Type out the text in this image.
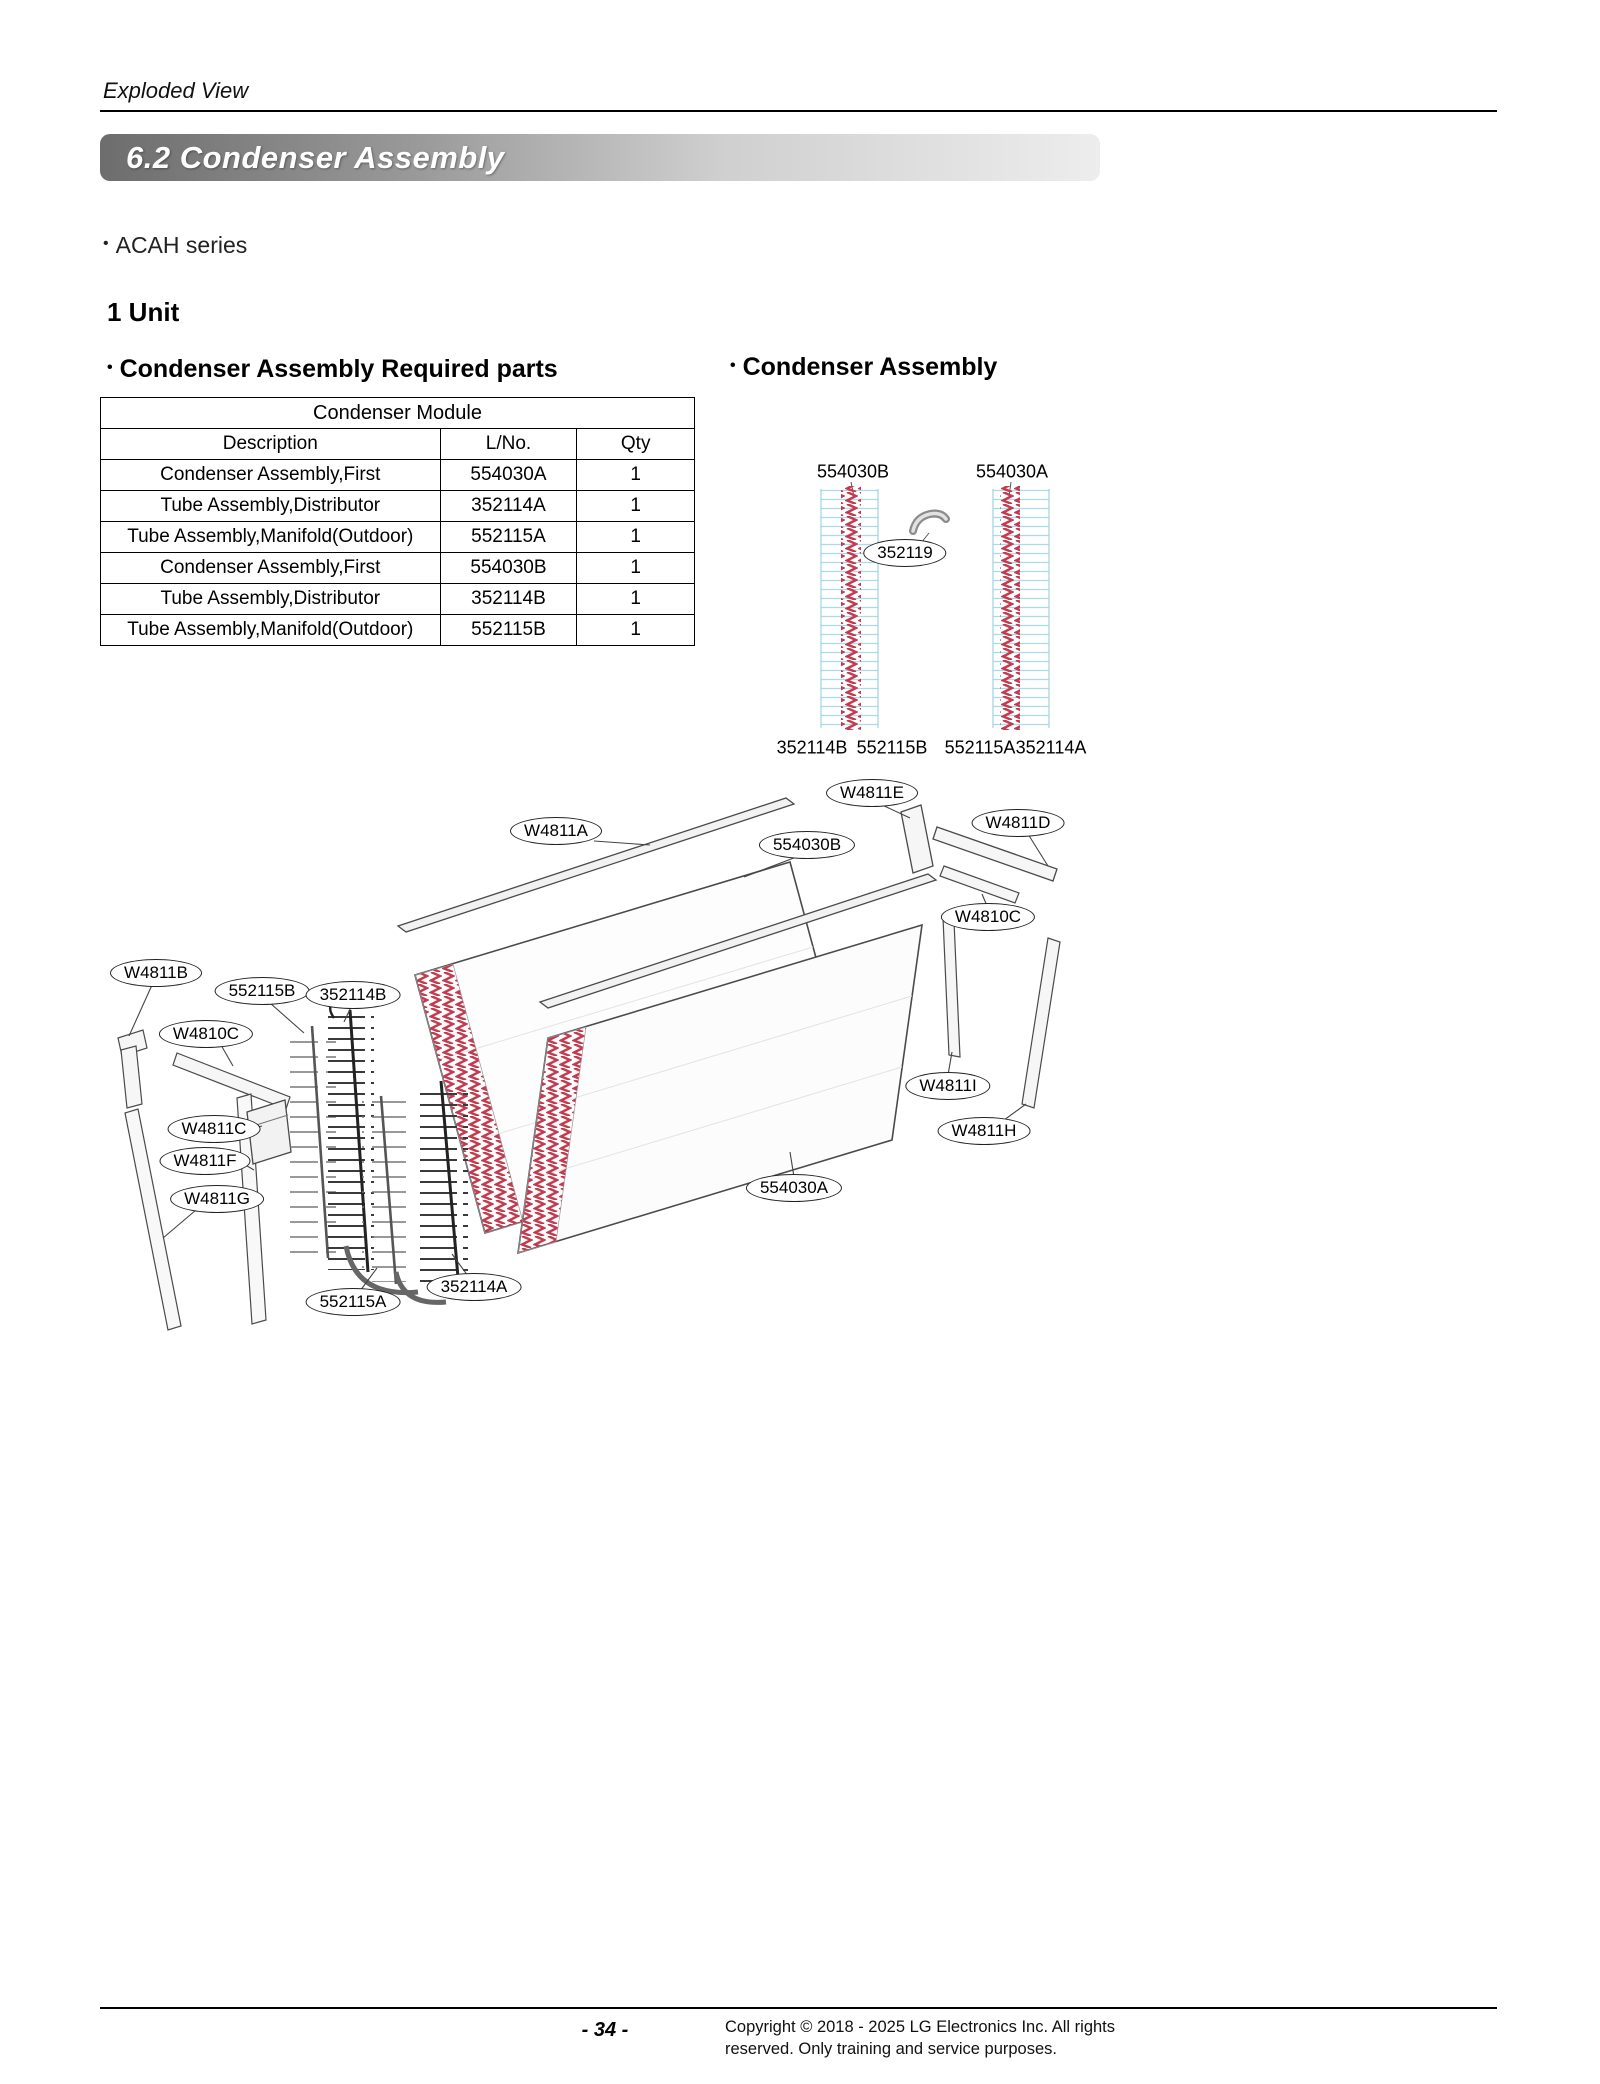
Exploded View
6.2 Condenser Assembly
• ACAH series
1 Unit
• Condenser Assembly Required parts	• Condenser Assembly
Condenser Module		
Description	L/No.	Qty
Condenser Assembly,First	554030A	1
Tube Assembly,Distributor	352114A	1
Tube Assembly,Manifold(Outdoor)	552115A	1
Condenser Assembly,First	554030B	1
Tube Assembly,Distributor	352114B	1
Tube Assembly,Manifold(Outdoor)	552115B	1
554030B	554030A
352119
352114B 552115B 552115A 352114A
W4811E
W4811A
554030B
W4811D
W4810C
W4811B
552115B	352114B
W4810C
W4811C
W4811F
W4811G
W4811I
W4811H
554030A
352114A
552115A
- 34 -	Copyright © 2018 - 2025 LG Electronics Inc. All rights
reserved. Only training and service purposes.
